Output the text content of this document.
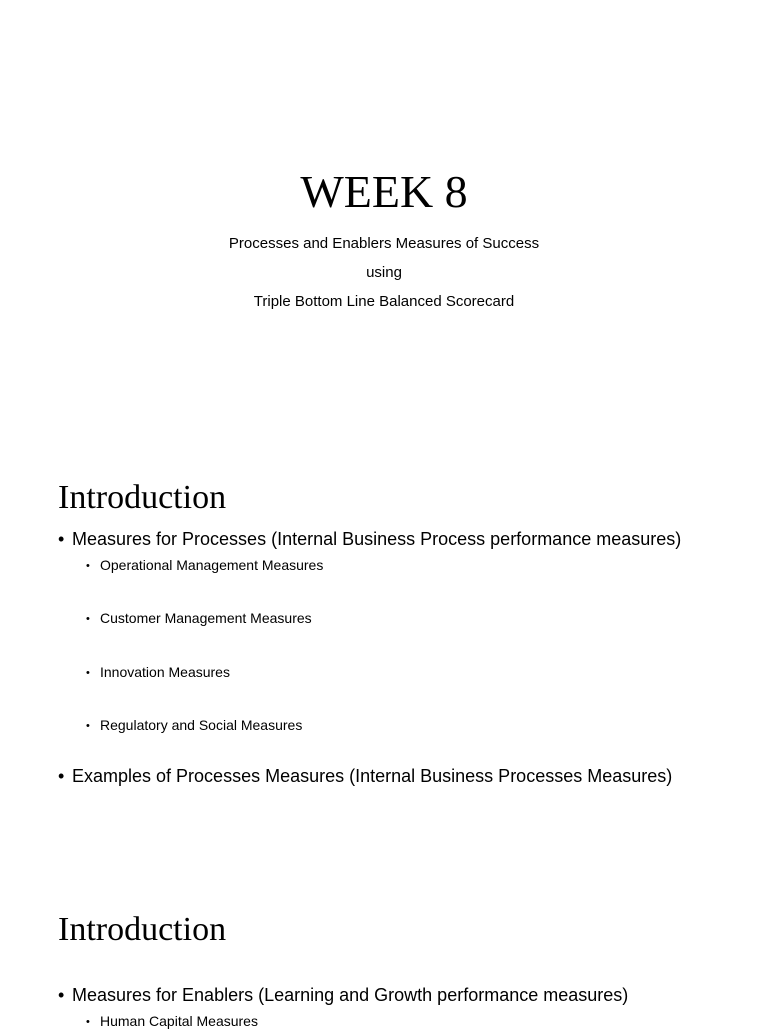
WEEK 8
Processes and Enablers Measures of Success
using
Triple Bottom Line Balanced Scorecard
Introduction
• Measures for Processes (Internal Business Process performance measures)
• Operational Management Measures
• Customer Management Measures
• Innovation Measures
• Regulatory and Social Measures
• Examples of Processes Measures (Internal Business Processes Measures)
Introduction
• Measures for Enablers (Learning and Growth performance measures)
• Human Capital Measures
